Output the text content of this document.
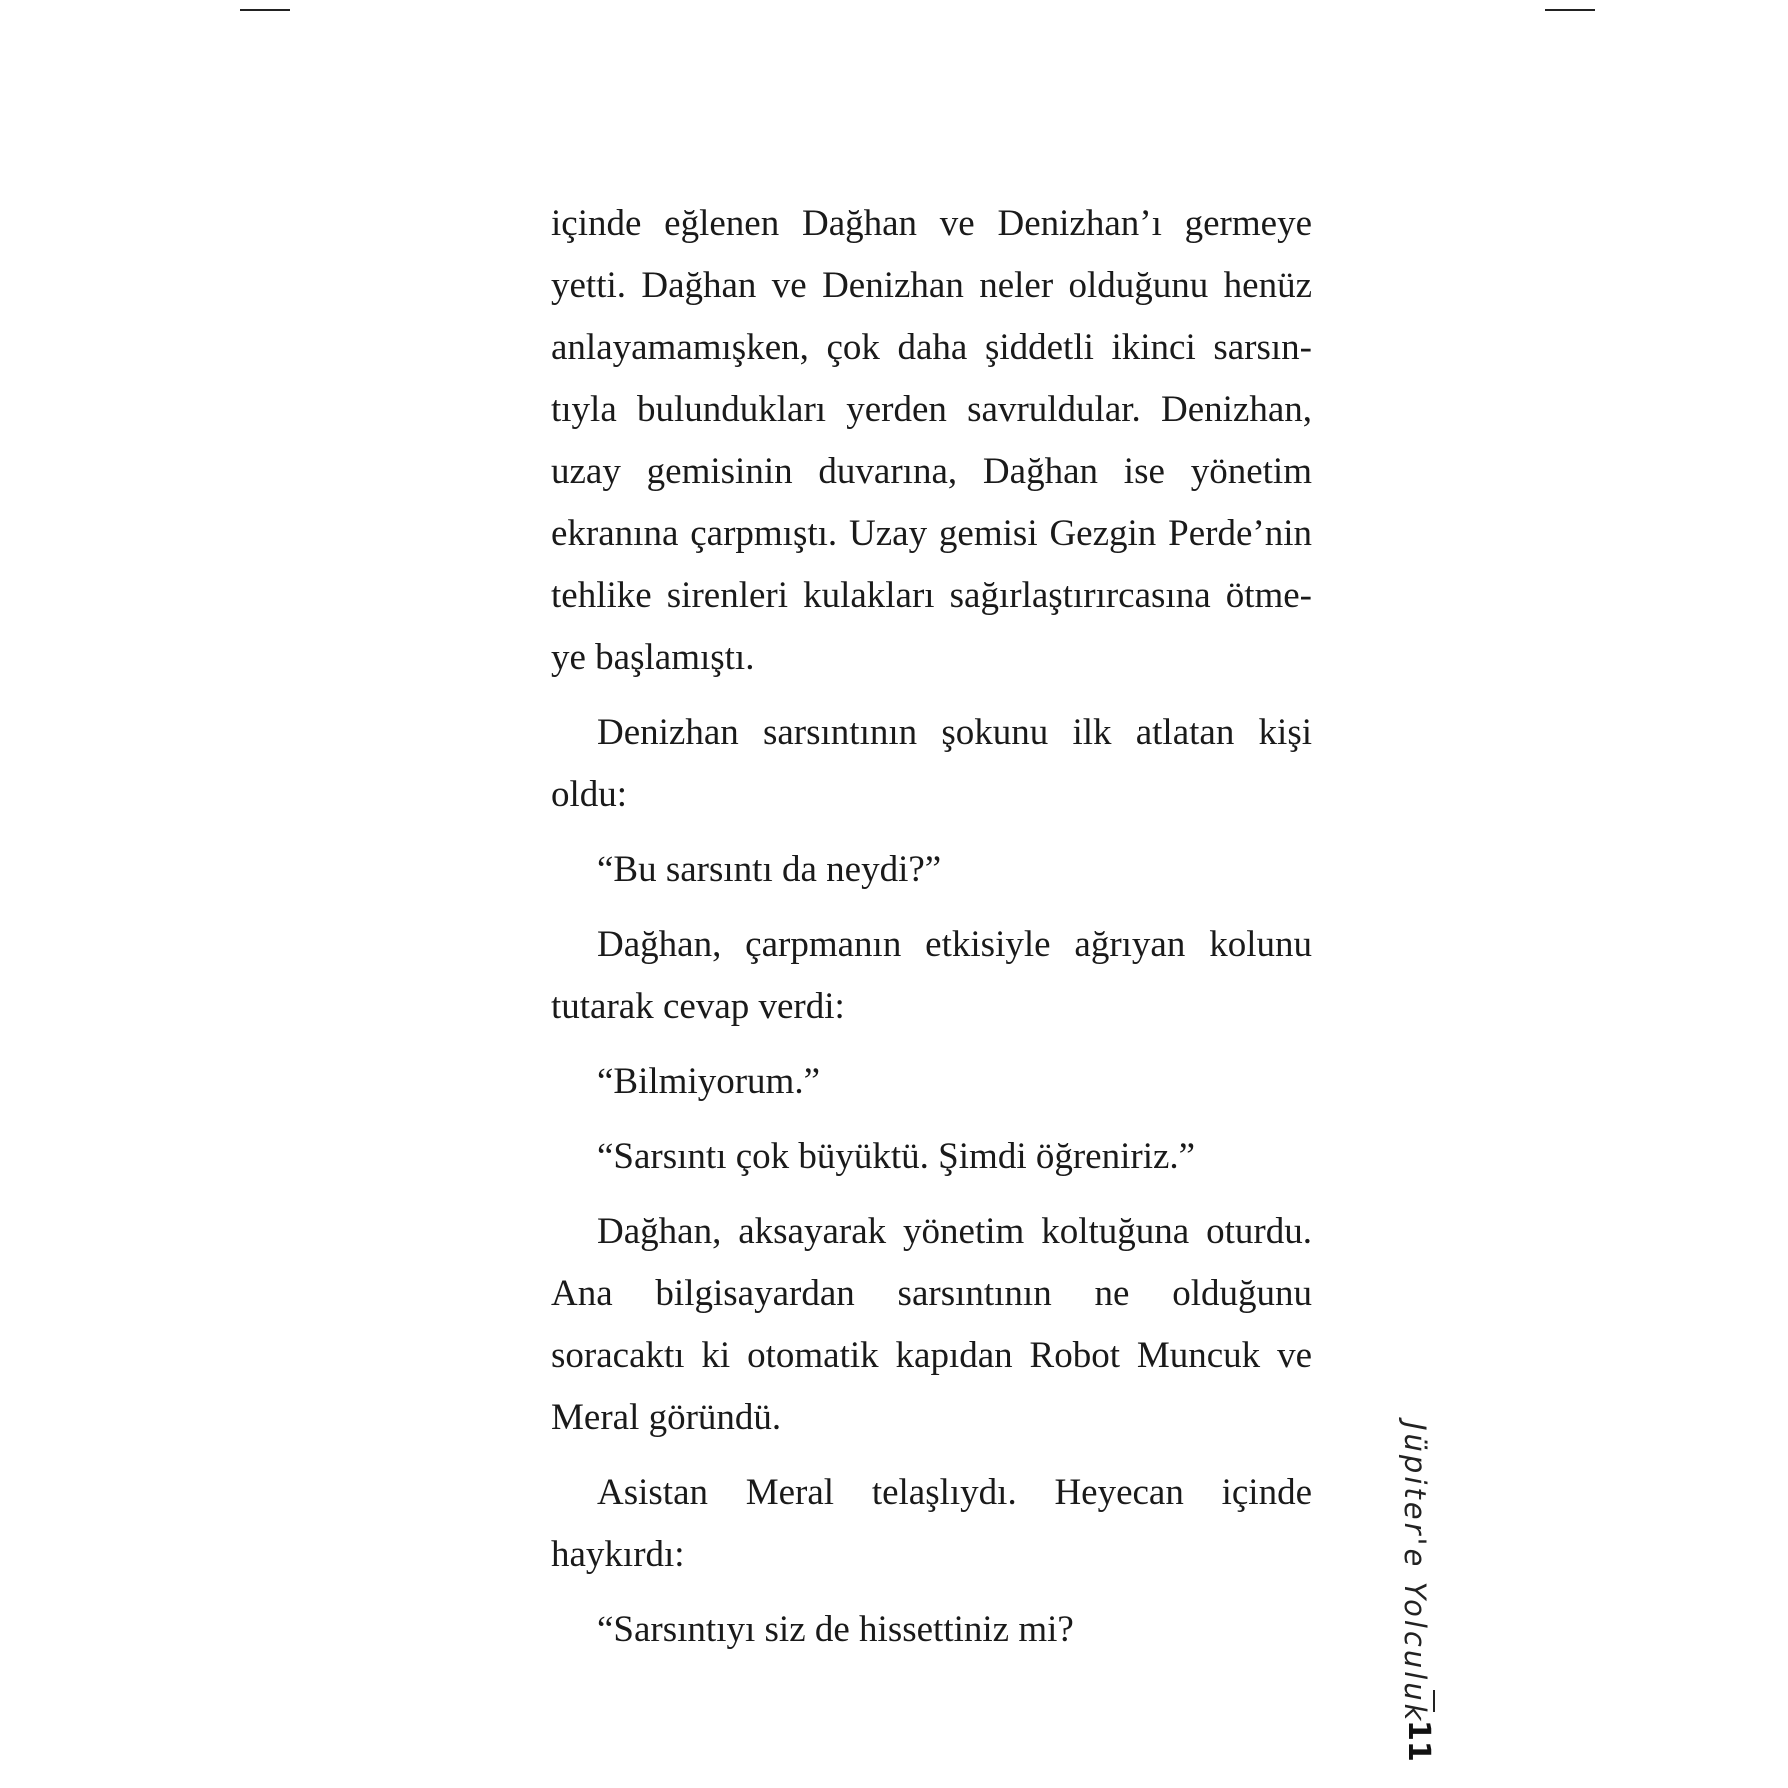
içinde eğlenen Dağhan ve Denizhan’ı germeye yetti. Dağhan ve Denizhan neler olduğunu henüz anlayamamışken, çok daha şiddetli ikinci sarsın-tıyla bulundukları yerden savruldular. Denizhan, uzay gemisinin duvarına, Dağhan ise yönetim ekranına çarpmıştı. Uzay gemisi Gezgin Perde’nin tehlike sirenleri kulakları sağırlaştırırcasına ötme-ye başlamıştı.

Denizhan sarsıntının şokunu ilk atlatan kişi oldu:

“Bu sarsıntı da neydi?”

Dağhan, çarpmanın etkisiyle ağrıyan kolunu tutarak cevap verdi:

“Bilmiyorum.”

“Sarsıntı çok büyüktü. Şimdi öğreniriz.”

Dağhan, aksayarak yönetim koltuğuna oturdu. Ana bilgisayardan sarsıntının ne olduğunu soracaktı ki otomatik kapıdan Robot Muncuk ve Meral göründü.

Asistan Meral telaşlıydı. Heyecan içinde haykırdı:

“Sarsıntıyı siz de hissettiniz mi?	Jüpiter'e Yolculuk
11
